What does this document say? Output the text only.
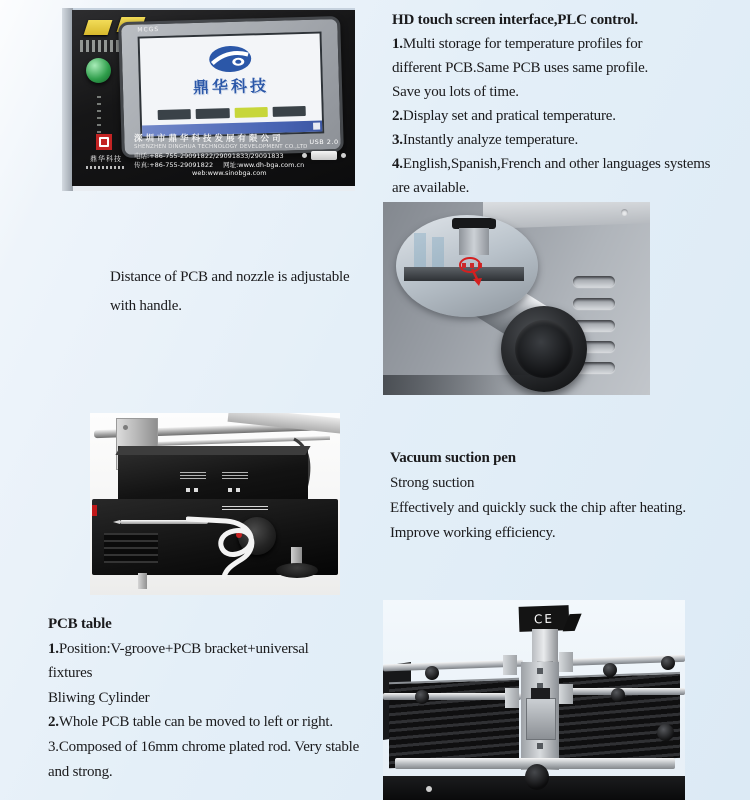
MCGS
鼎华科技
鼎华科技
深圳市鼎华科技发展有限公司
SHENZHEN DINGHUA TECHNOLOGY DEVELOPMENT CO.,LTD
电话:+86-755-29091822/29091833/29091833
传真:+86-755-29091822 网址:www.dh-bga.com.cn
web:www.sinobga.com
USB 2.0

HD touch screen interface,PLC control.

1.Multi storage for temperature profiles for

different PCB.Same PCB uses same profile.

Save you lots of time.

2.Display set and pratical temperature.

3.Instantly analyze temperature.

4.English,Spanish,French and other languages systems

are available.

Distance of PCB and nozzle is adjustable

with handle.

Vacuum suction pen

Strong suction

Effectively and quickly suck the chip after heating.

Improve working efficiency.

PCB table

1.Position:V-groove+PCB bracket+universal

fixtures

Bliwing Cylinder

2.Whole PCB table can be moved to left or right.

3.Composed of 16mm chrome plated rod. Very stable

and strong.

CE
